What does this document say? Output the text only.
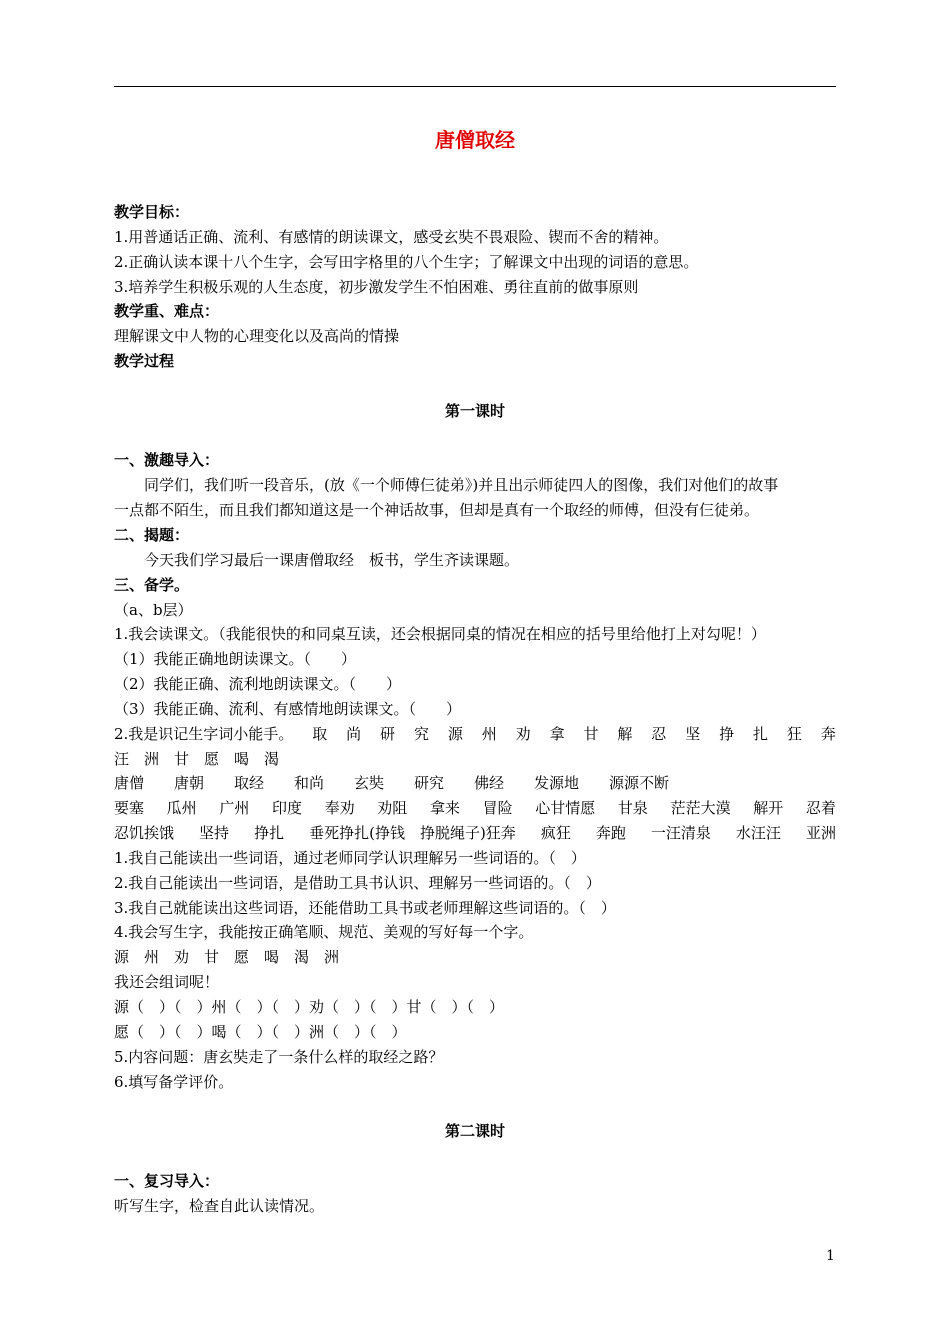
唐僧取经
教学目标：
1.用普通话正确、流利、有感情的朗读课文，感受玄奘不畏艰险、锲而不舍的精神。
2.正确认读本课十八个生字，会写田字格里的八个生字；了解课文中出现的词语的意思。
3.培养学生积极乐观的人生态度，初步激发学生不怕困难、勇往直前的做事原则
教学重、难点：
理解课文中人物的心理变化以及高尚的情操
教学过程
第一课时
一、激趣导入：
同学们，我们听一段音乐，(放《一个师傅仨徒弟》)并且出示师徒四人的图像，我们对他们的故事
一点都不陌生，而且我们都知道这是一个神话故事，但却是真有一个取经的师傅，但没有仨徒弟。
二、揭题：
今天我们学习最后一课唐僧取经　板书，学生齐读课题。
三、备学。
（a、b层）
1.我会读课文。（我能很快的和同桌互读，还会根据同桌的情况在相应的括号里给他打上对勾呢！）
（1）我能正确地朗读课文。（　　）
（2）我能正确、流利地朗读课文。（　　）
（3）我能正确、流利、有感情地朗读课文。（　　）
2.我是识记生字词小能手。 取 尚 研 究 源 州 劝 拿 甘 解 忍 坚 挣 扎 狂 奔
汪　洲　甘　愿　喝　渴
唐僧　　唐朝　　取经　　和尚　　玄奘　　研究　　佛经　　发源地　　源源不断
要塞 瓜州 广州 印度 奉劝 劝阻 拿来 冒险 心甘情愿 甘泉 茫茫大漠 解开 忍着
忍饥挨饿 坚持 挣扎 垂死挣扎(挣钱　挣脱绳子)狂奔 疯狂 奔跑 一汪清泉 水汪汪 亚洲
1.我自己能读出一些词语，通过老师同学认识理解另一些词语的。（　）
2.我自己能读出一些词语，是借助工具书认识、理解另一些词语的。（　）
3.我自己就能读出这些词语，还能借助工具书或老师理解这些词语的。（　）
4.我会写生字，我能按正确笔顺、规范、美观的写好每一个字。
源　州　劝　甘　愿　喝　渴　洲
我还会组词呢！
源（　）（　）州（　）（　）劝（　）（　）甘（　）（　）
愿（　）（　）喝（　）（　）洲（　）（　）
5.内容问题：唐玄奘走了一条什么样的取经之路？
6.填写备学评价。
第二课时
一、复习导入：
听写生字，检查自此认读情况。
1
